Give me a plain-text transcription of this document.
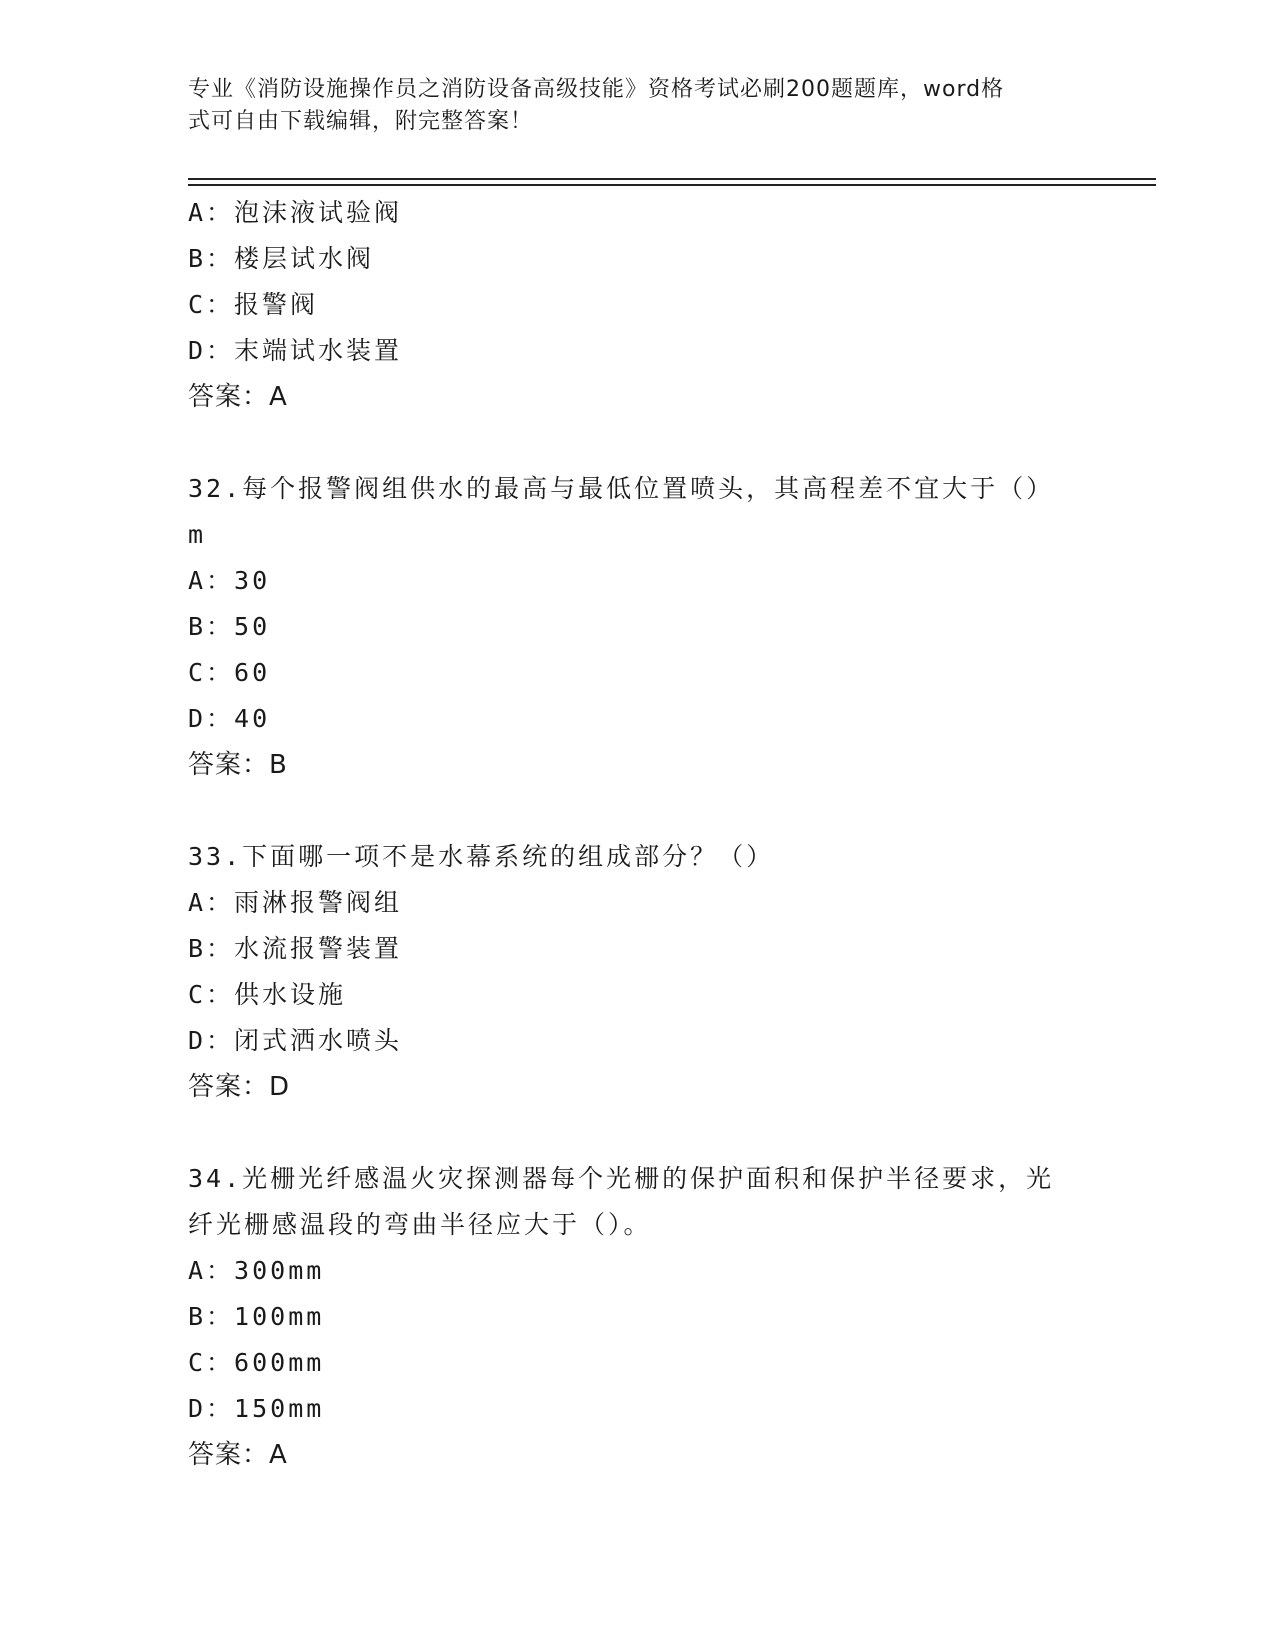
专业《消防设施操作员之消防设备高级技能》资格考试必刷200题题库，word格
式可自由下载编辑，附完整答案！
A：泡沫液试验阀
B：楼层试水阀
C：报警阀
D：末端试水装置
答案：A
32.每个报警阀组供水的最高与最低位置喷头，其高程差不宜大于（）
m
A：30
B：50
C：60
D：40
答案：B
33.下面哪一项不是水幕系统的组成部分？（）
A：雨淋报警阀组
B：水流报警装置
C：供水设施
D：闭式洒水喷头
答案：D
34.光栅光纤感温火灾探测器每个光栅的保护面积和保护半径要求，光
纤光栅感温段的弯曲半径应大于（）。
A：300mm
B：100mm
C：600mm
D：150mm
答案：A
